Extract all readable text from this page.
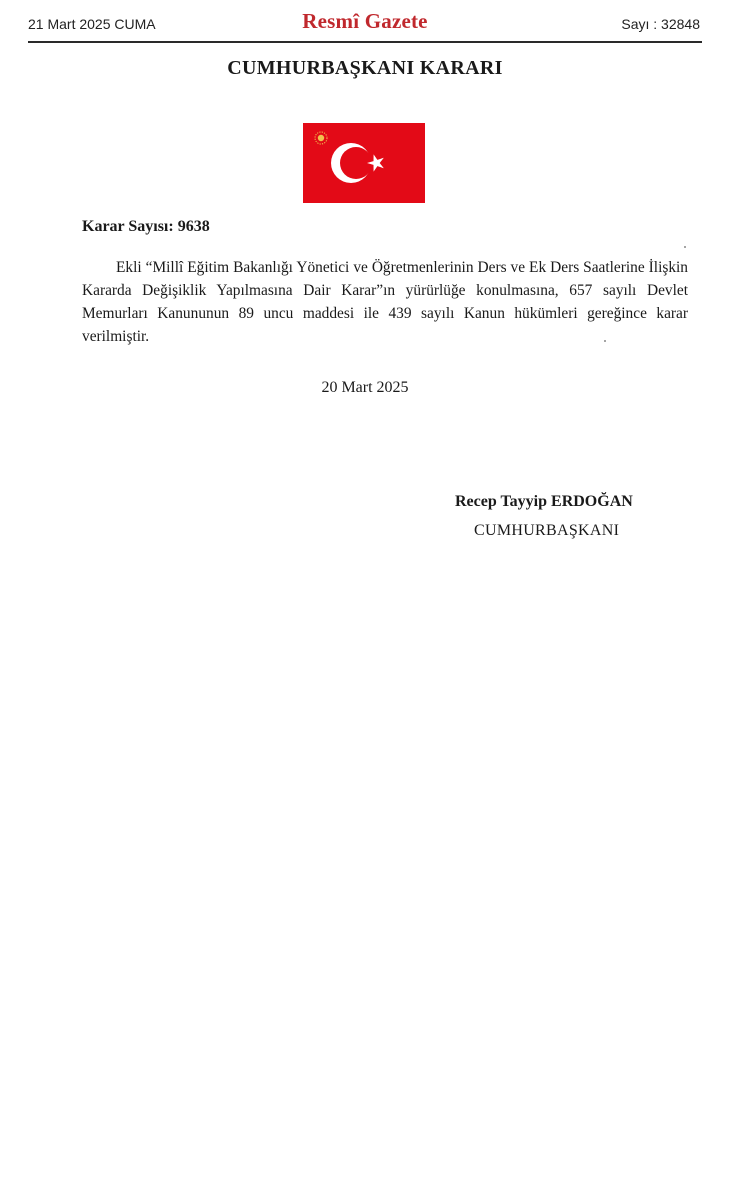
21 Mart 2025 CUMA	Resmî Gazete	Sayı : 32848
CUMHURBAŞKANI KARARI
Karar Sayısı: 9638
Ekli “Millî Eğitim Bakanlığı Yönetici ve Öğretmenlerinin Ders ve Ek Ders Saatlerine İlişkin Kararda Değişiklik Yapılmasına Dair Karar”ın yürürlüğe konulmasına, 657 sayılı Devlet Memurları Kanununun 89 uncu maddesi ile 439 sayılı Kanun hükümleri gereğince karar verilmiştir.
20 Mart 2025
Recep Tayyip ERDOĞAN
CUMHURBAŞKANI
